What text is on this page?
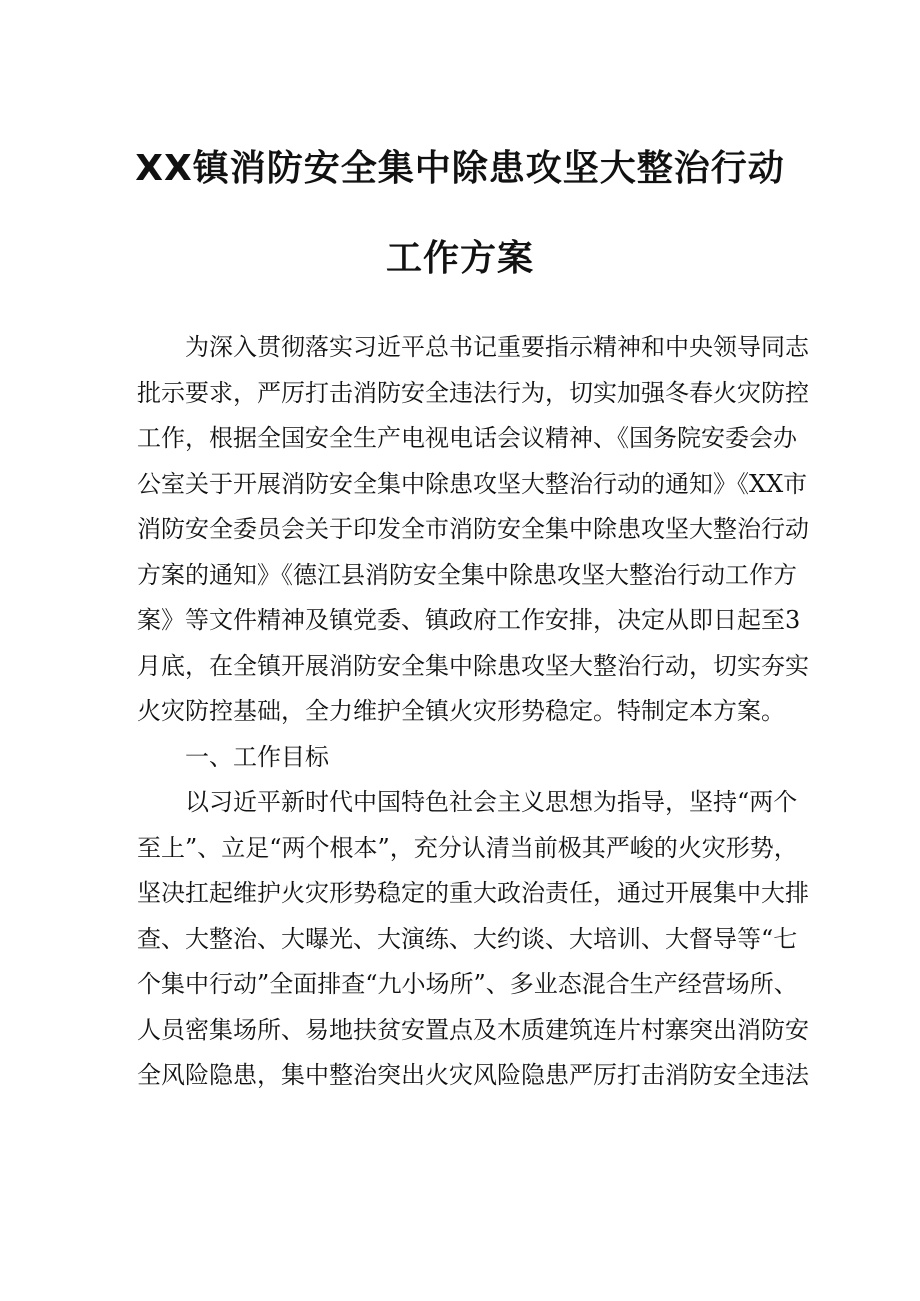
XX镇消防安全集中除患攻坚大整治行动
工作方案
为深入贯彻落实习近平总书记重要指示精神和中央领导同志
批示要求，严厉打击消防安全违法行为，切实加强冬春火灾防控
工作，根据全国安全生产电视电话会议精神、《国务院安委会办
公室关于开展消防安全集中除患攻坚大整治行动的通知》《XX市
消防安全委员会关于印发全市消防安全集中除患攻坚大整治行动
方案的通知》《德江县消防安全集中除患攻坚大整治行动工作方
案》等文件精神及镇党委、镇政府工作安排，决定从即日起至3
月底，在全镇开展消防安全集中除患攻坚大整治行动，切实夯实
火灾防控基础，全力维护全镇火灾形势稳定。特制定本方案。
一、工作目标
以习近平新时代中国特色社会主义思想为指导，坚持“两个
至上”、立足“两个根本”，充分认清当前极其严峻的火灾形势，
坚决扛起维护火灾形势稳定的重大政治责任，通过开展集中大排
查、大整治、大曝光、大演练、大约谈、大培训、大督导等“七
个集中行动”全面排查“九小场所”、多业态混合生产经营场所、
人员密集场所、易地扶贫安置点及木质建筑连片村寨突出消防安
全风险隐患，集中整治突出火灾风险隐患严厉打击消防安全违法
